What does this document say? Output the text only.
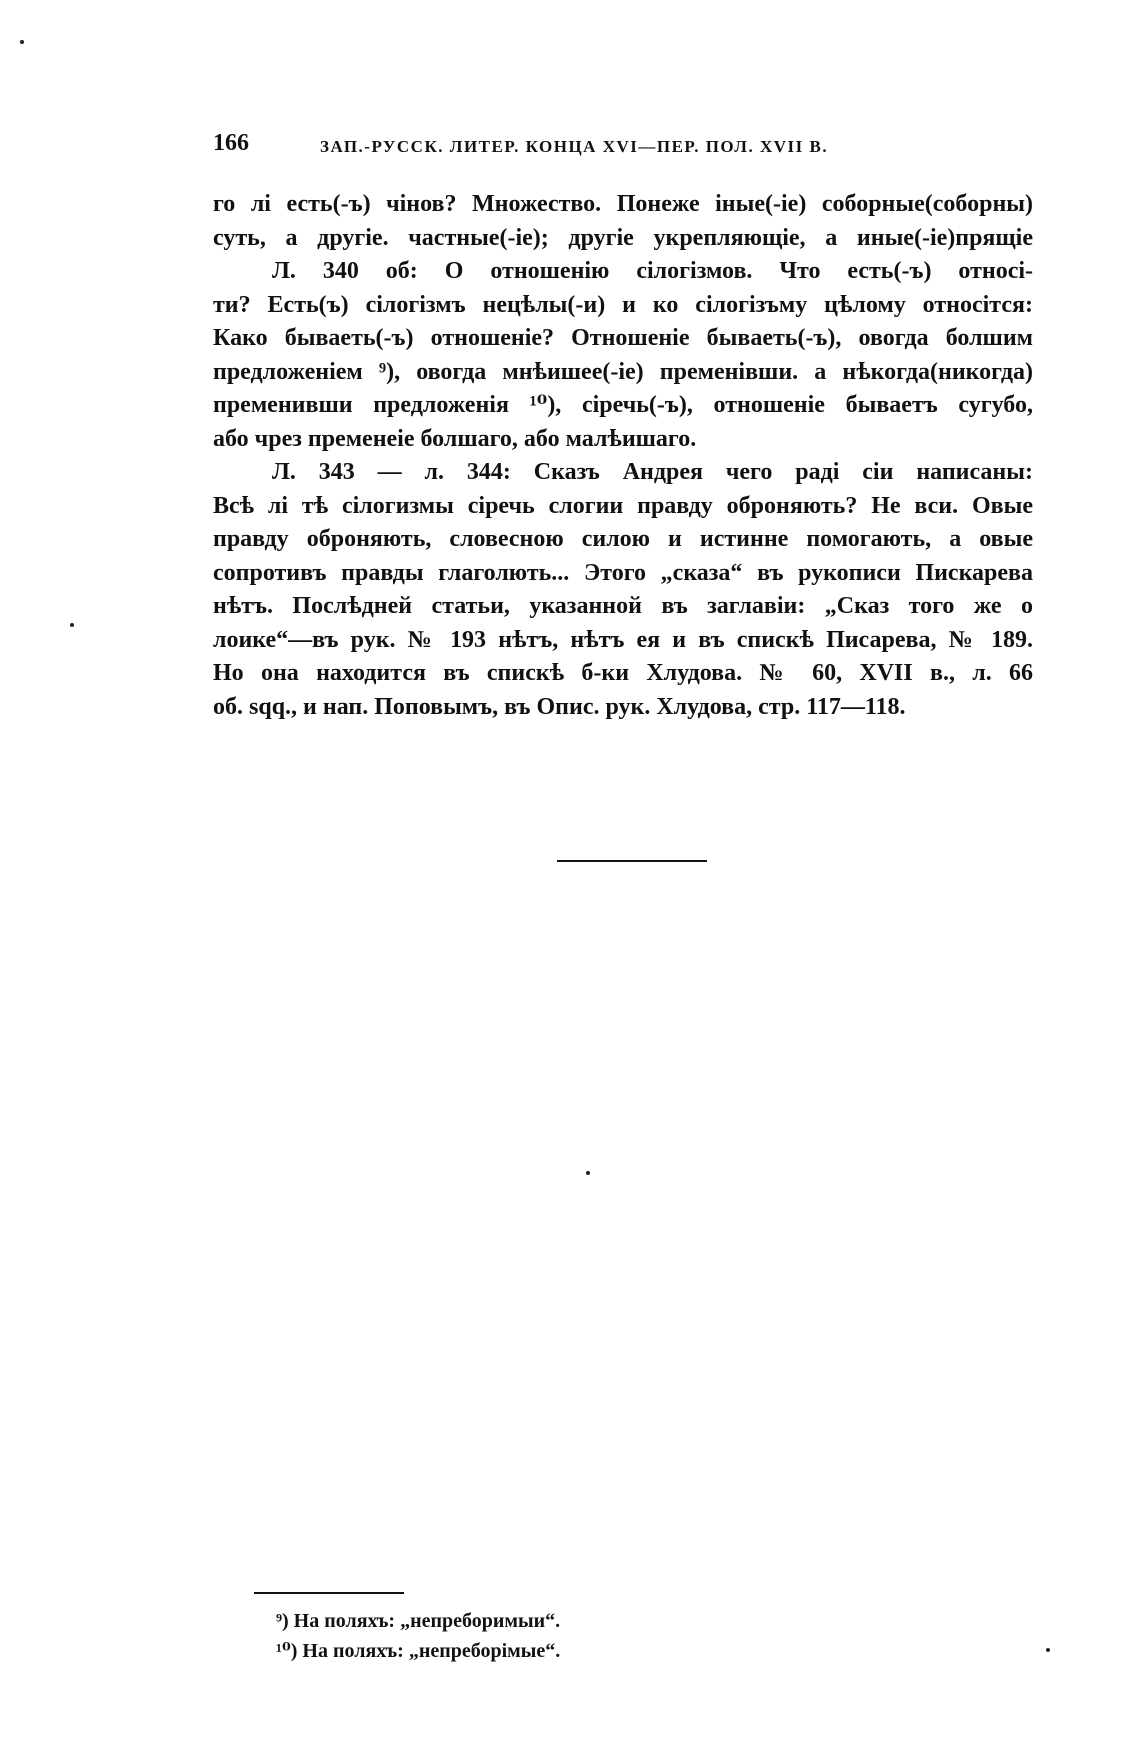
166	ЗАП.-РУССК. ЛИТЕР. КОНЦА XVI—ПЕР. ПОЛ. XVII В.
го лі есть(-ъ) чінов? Множество. Понеже іные(-іе) соборные(соборны)
суть, а другіе. частные(-іе); другіе укрепляющіе, а иные(-іе)прящіе
Л. 340 об: О отношенію сілогізмов. Что есть(-ъ) относі-
ти? Есть(ъ) сілогізмъ нецѣлы(-и) и ко сілогізъму цѣлому относітся:
Како бываеть(-ъ) отношеніе? Отношеніе бываеть(-ъ), овогда болшим
предложеніем ⁹), овогда мнѣишее(-іе) пременівши. а нѣкогда(никогда)
пременивши предложенія ¹⁰), сіречь(-ъ), отношеніе бываетъ сугубо,
або чрез пременеіе болшаго, або малѣишаго.
Л. 343 — л. 344: Сказъ Андрея чего раді сіи написаны:
Всѣ лі тѣ сілогизмы сіречь слогии правду оброняють? Не вси. Овые
правду оброняють, словесною силою и истинне помогають, а овые
сопротивъ правды глаголють... Этого „сказа“ въ рукописи Пискарева
нѣтъ. Послѣдней статьи, указанной въ заглавіи: „Сказ того же о
лоике“—въ рук. № 193 нѣтъ, нѣтъ ея и въ спискѣ Писарева, № 189.
Но она находится въ спискѣ б-ки Хлудова. № 60, XVII в., л. 66
об. sqq., и нап. Поповымъ, въ Опис. рук. Хлудова, стр. 117—118.
⁹) На поляхъ: „непреборимыи“.
¹⁰) На поляхъ: „непреборімые“.
